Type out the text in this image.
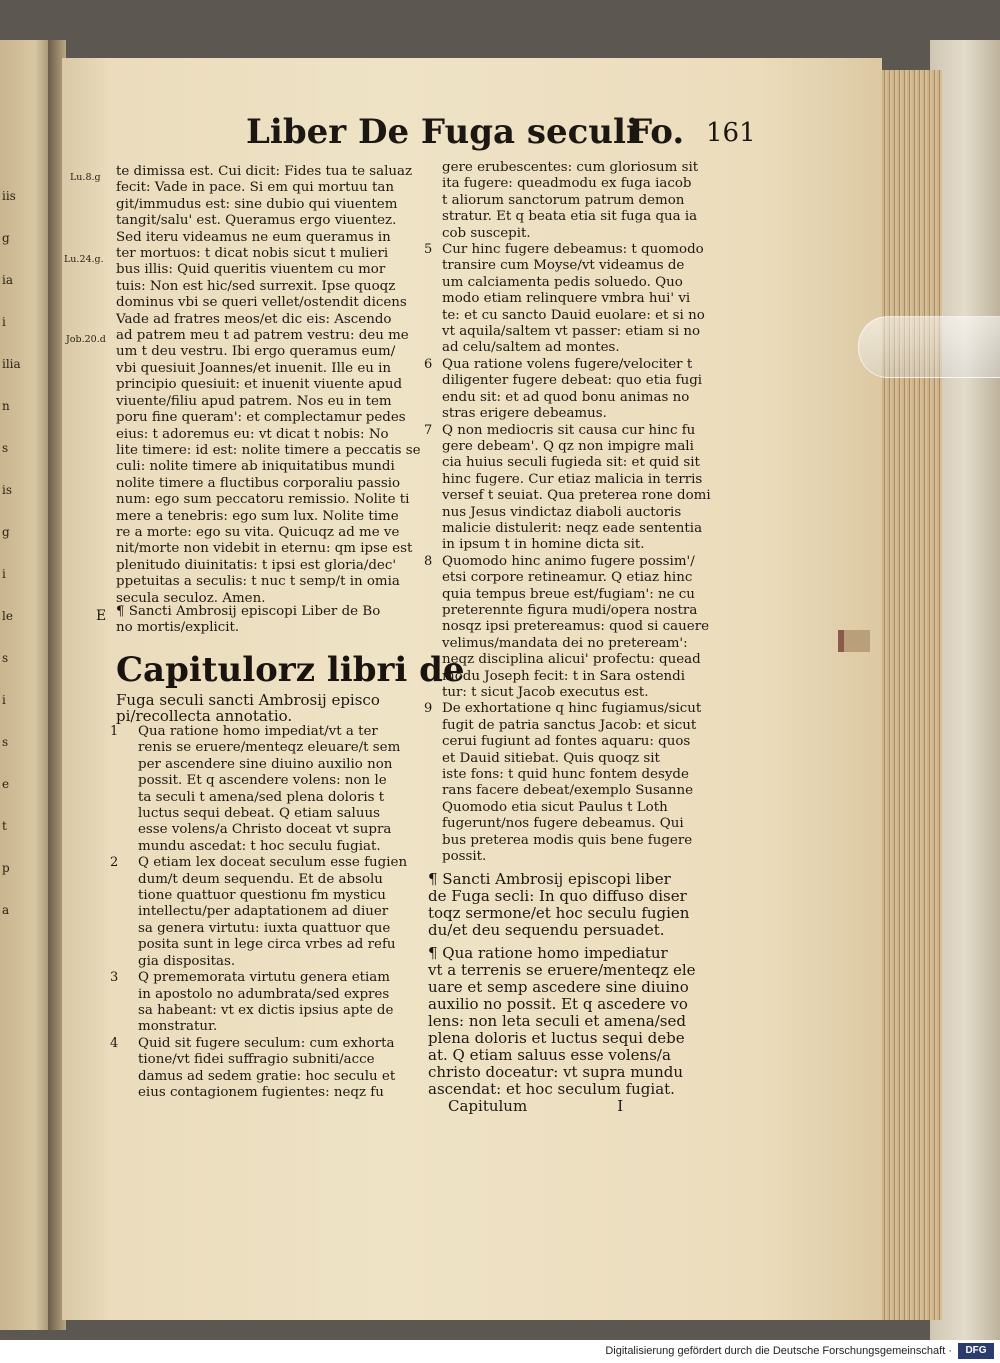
iis
g
ia
i
ilia
n
s
is
g
i
le
s
i
s
e
t
p
a
Liber De Fuga seculi
Fo. 161
Lu.8.g
Lu.24.g.
Job.20.d
E

te dimissa est. Cui dicit: Fides tua te saluaz

fecit: Vade in pace. Si em qui mortuu tan

git/immudus est: sine dubio qui viuentem

tangit/salu' est. Queramus ergo viuentez.

Sed iteru videamus ne eum queramus in

ter mortuos: t dicat nobis sicut t mulieri

bus illis: Quid queritis viuentem cu mor

tuis: Non est hic/sed surrexit. Ipse quoqz

dominus vbi se queri vellet/ostendit dicens

Vade ad fratres meos/et dic eis: Ascendo

ad patrem meu t ad patrem vestru: deu me

um t deu vestru. Ibi ergo queramus eum/

vbi quesiuit Joannes/et inuenit. Ille eu in

principio quesiuit: et inuenit viuente apud

viuente/filiu apud patrem. Nos eu in tem

poru fine queram': et complectamur pedes

eius: t adoremus eu: vt dicat t nobis: No

lite timere: id est: nolite timere a peccatis se

culi: nolite timere ab iniquitatibus mundi

nolite timere a fluctibus corporaliu passio

num: ego sum peccatoru remissio. Nolite ti

mere a tenebris: ego sum lux. Nolite time

re a morte: ego su vita. Quicuqz ad me ve

nit/morte non videbit in eternu: qm ipse est

plenitudo diuinitatis: t ipsi est gloria/dec'

ppetuitas a seculis: t nuc t semp/t in omia

secula seculoz. Amen.

¶ Sancti Ambrosij episcopi Liber de Bo

no mortis/explicit.

Capitulorz libri de

Fuga seculi sancti Ambrosij episco

pi/recollecta annotatio.

1 Qua ratione homo impediat/vt a ter

renis se eruere/menteqz eleuare/t sem

per ascendere sine diuino auxilio non

possit. Et q ascendere volens: non le

ta seculi t amena/sed plena doloris t

luctus sequi debeat. Q etiam saluus

esse volens/a Christo doceat vt supra

mundu ascedat: t hoc seculu fugiat.

2 Q etiam lex doceat seculum esse fugien

dum/t deum sequendu. Et de absolu

tione quattuor questionu fm mysticu

intellectu/per adaptationem ad diuer

sa genera virtutu: iuxta quattuor que

posita sunt in lege circa vrbes ad refu

gia dispositas.

3 Q prememorata virtutu genera etiam

in apostolo no adumbrata/sed expres

sa habeant: vt ex dictis ipsius apte de

monstratur.

4 Quid sit fugere seculum: cum exhorta

tione/vt fidei suffragio subniti/acce

damus ad sedem gratie: hoc seculu et

eius contagionem fugientes: neqz fu

gere erubescentes: cum gloriosum sit

ita fugere: queadmodu ex fuga iacob

t aliorum sanctorum patrum demon

stratur. Et q beata etia sit fuga qua ia

cob suscepit.

5 Cur hinc fugere debeamus: t quomodo

transire cum Moyse/vt videamus de

um calciamenta pedis soluedo. Quo

modo etiam relinquere vmbra hui' vi

te: et cu sancto Dauid euolare: et si no

vt aquila/saltem vt passer: etiam si no

ad celu/saltem ad montes.

6 Qua ratione volens fugere/velociter t

diligenter fugere debeat: quo etia fugi

endu sit: et ad quod bonu animas no

stras erigere debeamus.

7 Q non mediocris sit causa cur hinc fu

gere debeam'. Q qz non impigre mali

cia huius seculi fugieda sit: et quid sit

hinc fugere. Cur etiaz malicia in terris

versef t seuiat. Qua preterea rone domi

nus Jesus vindictaz diaboli auctoris

malicie distulerit: neqz eade sententia

in ipsum t in homine dicta sit.

8 Quomodo hinc animo fugere possim'/

etsi corpore retineamur. Q etiaz hinc

quia tempus breue est/fugiam': ne cu

preterennte figura mudi/opera nostra

nosqz ipsi pretereamus: quod si cauere

velimus/mandata dei no preteream':

neqz disciplina alicui' profectu: quead

modu Joseph fecit: t in Sara ostendi

tur: t sicut Jacob executus est.

9 De exhortatione q hinc fugiamus/sicut

fugit de patria sanctus Jacob: et sicut

cerui fugiunt ad fontes aquaru: quos

et Dauid sitiebat. Quis quoqz sit

iste fons: t quid hunc fontem desyde

rans facere debeat/exemplo Susanne

Quomodo etia sicut Paulus t Loth

fugerunt/nos fugere debeamus. Qui

bus preterea modis quis bene fugere

possit.

¶ Sancti Ambrosij episcopi liber

de Fuga secli: In quo diffuso diser

toqz sermone/et hoc seculu fugien

du/et deu sequendu persuadet.

¶ Qua ratione homo impediatur

vt a terrenis se eruere/menteqz ele

uare et semp ascedere sine diuino

auxilio no possit. Et q ascedere vo

lens: non leta seculi et amena/sed

plena doloris et luctus sequi debe

at. Q etiam saluus esse volens/a

christo doceatur: vt supra mundu

ascendat: et hoc seculum fugiat.

Capitulum	I
Digitalisierung gefördert durch die Deutsche Forschungsgemeinschaft ·	DFG
